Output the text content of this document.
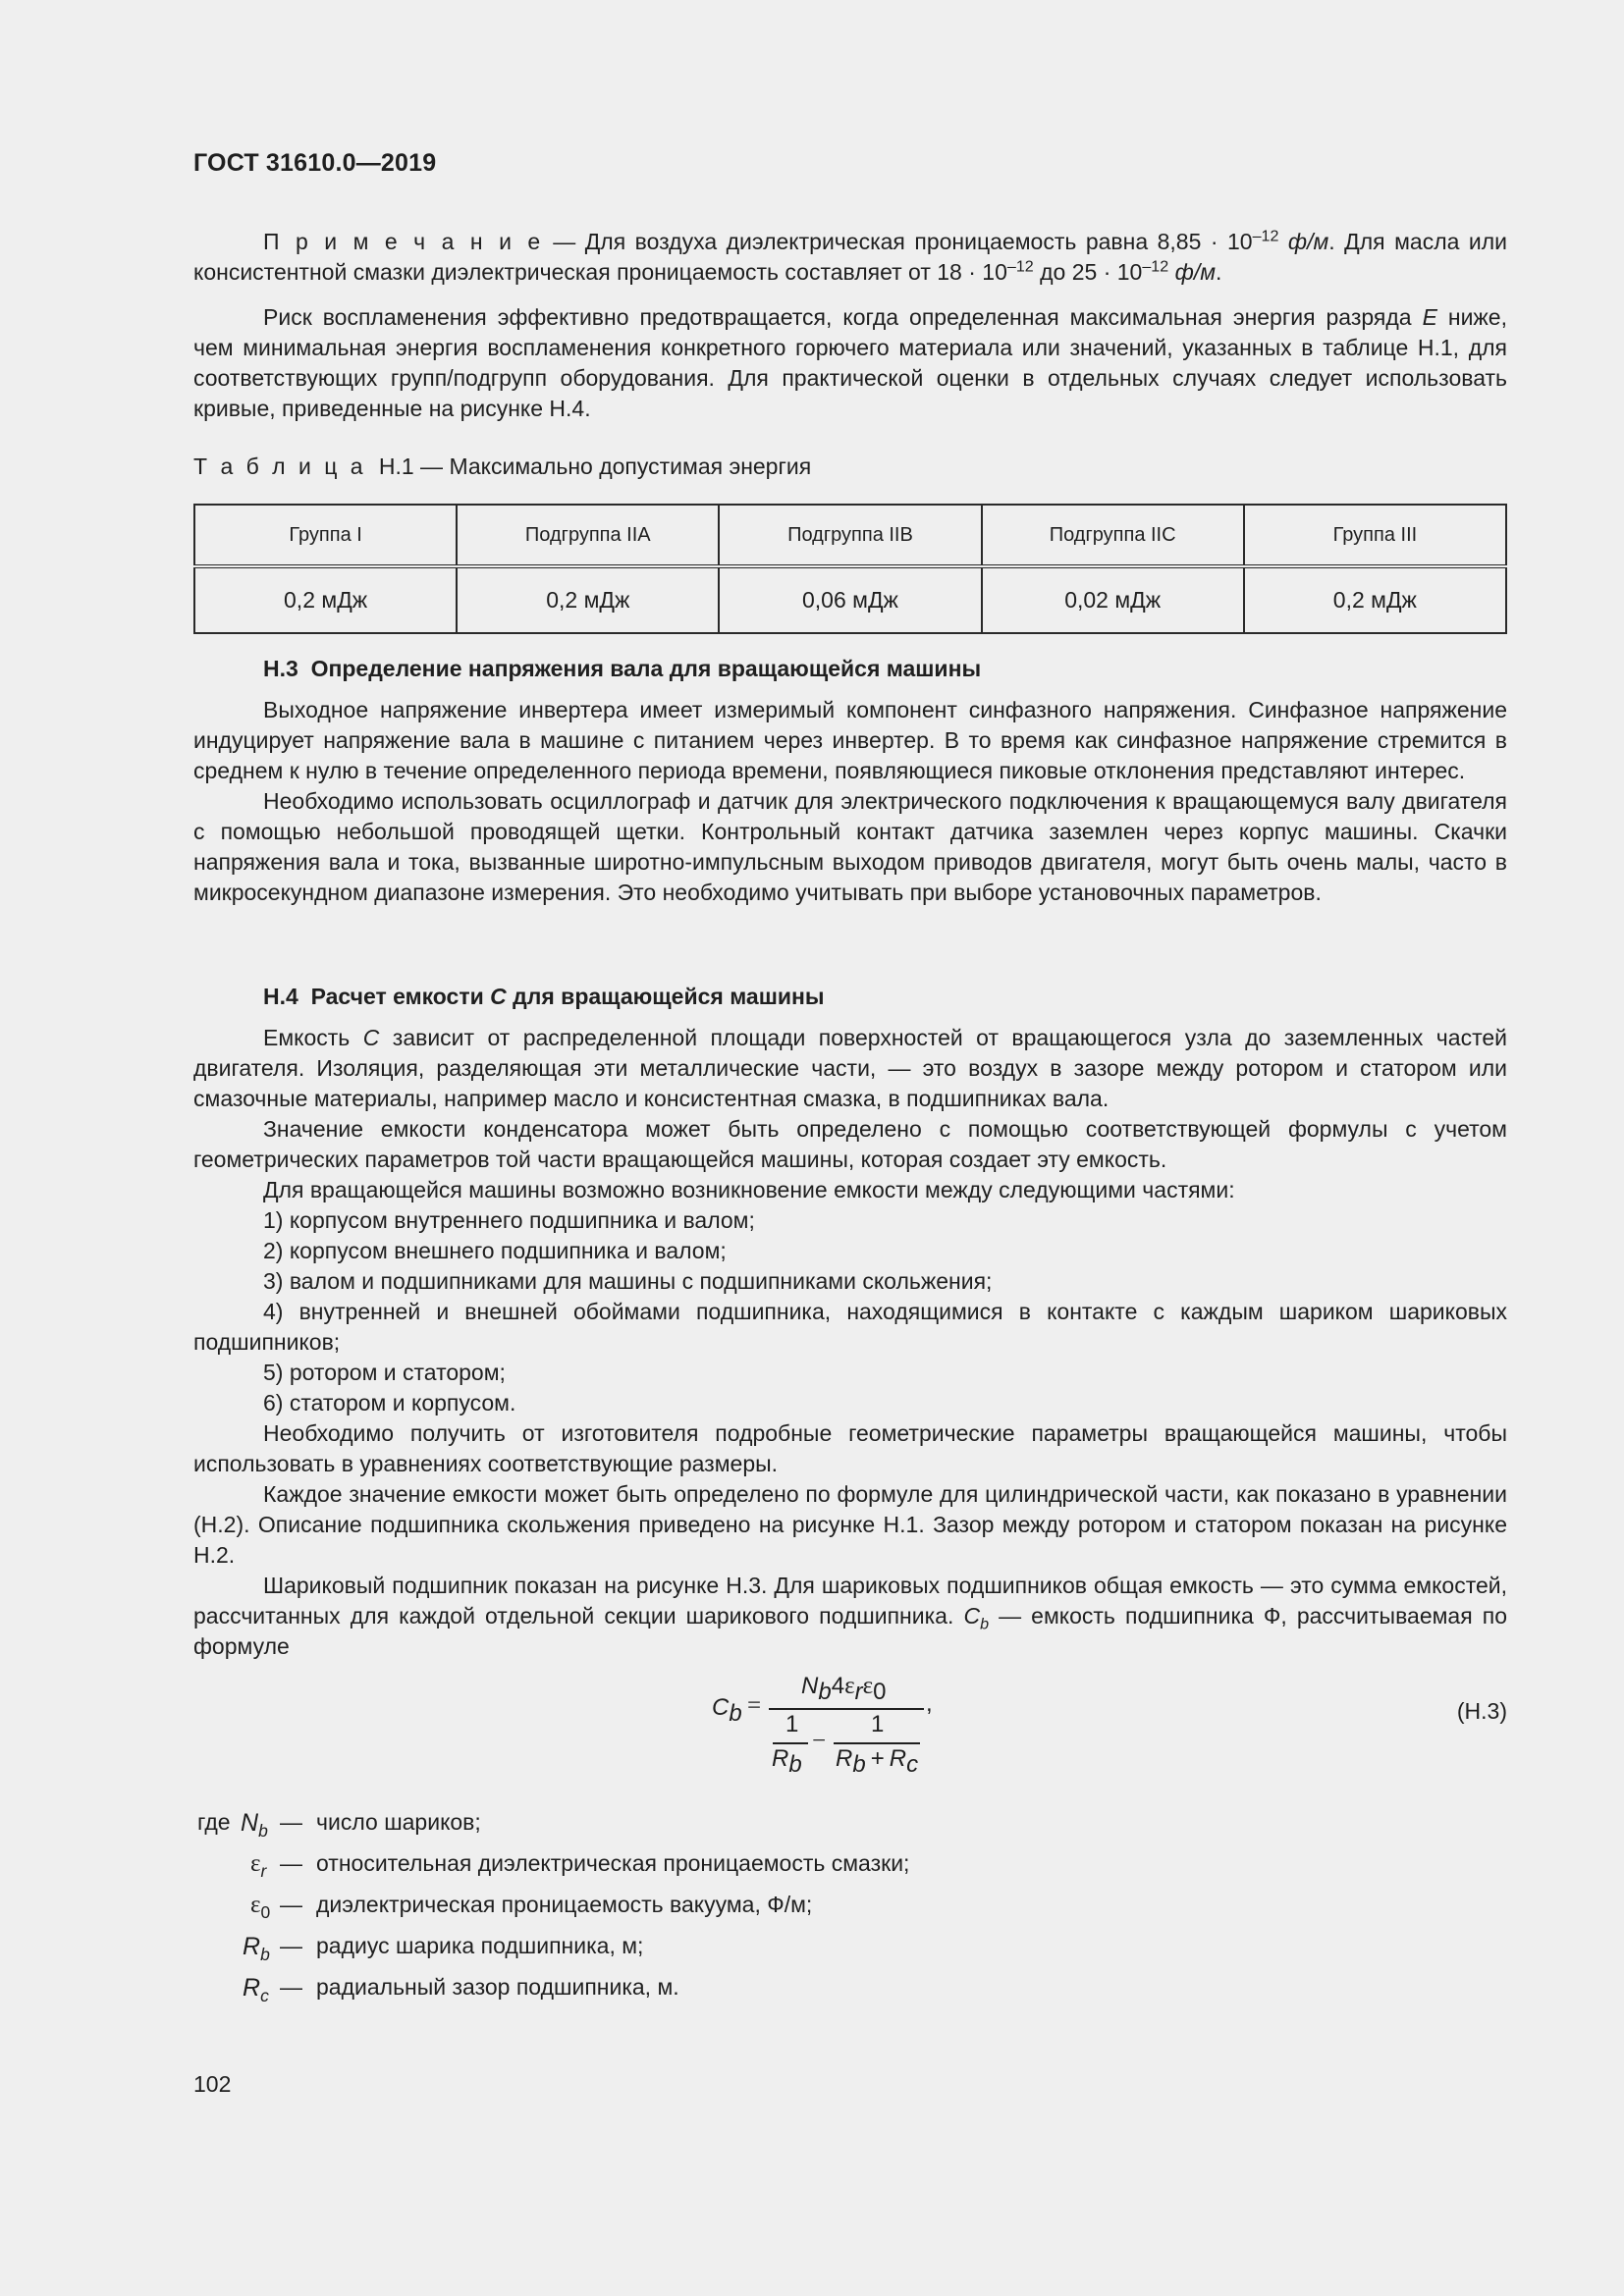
ГОСТ 31610.0—2019

П р и м е ч а н и е — Для воздуха диэлектрическая проницаемость равна $8,85 \cdot 10^{-12}$ ф/м. Для масла или консистентной смазки диэлектрическая проницаемость составляет от $18 \cdot 10^{-12}$ до $25 \cdot 10^{-12}$ ф/м.

Риск воспламенения эффективно предотвращается, когда определенная максимальная энергия разряда E ниже, чем минимальная энергия воспламенения конкретного горючего материала или значений, указанных в таблице Н.1, для соответствующих групп/подгрупп оборудования. Для практической оценки в отдельных случаях следует использовать кривые, приведенные на рисунке Н.4.

Т а б л и ц а  Н.1 — Максимально допустимая энергия
Группа I	Подгруппа IIA	Подгруппа IIB	Подгруппа IIC	Группа III
0,2 мДж	0,2 мДж	0,06 мДж	0,02 мДж	0,2 мДж

Н.3  Определение напряжения вала для вращающейся машины

Выходное напряжение инвертера имеет измеримый компонент синфазного напряжения. Синфазное напряжение индуцирует напряжение вала в машине с питанием через инвертер. В то время как синфазное напряжение стремится в среднем к нулю в течение определенного периода времени, появляющиеся пиковые отклонения представляют интерес.

Необходимо использовать осциллограф и датчик для электрического подключения к вращающемуся валу двигателя с помощью небольшой проводящей щетки. Контрольный контакт датчика заземлен через корпус машины. Скачки напряжения вала и тока, вызванные широтно-импульсным выходом приводов двигателя, могут быть очень малы, часто в микросекундном диапазоне измерения. Это необходимо учитывать при выборе установочных параметров.

Н.4  Расчет емкости C для вращающейся машины

Емкость C зависит от распределенной площади поверхностей от вращающегося узла до заземленных частей двигателя. Изоляция, разделяющая эти металлические части, — это воздух в зазоре между ротором и статором или смазочные материалы, например масло и консистентная смазка, в подшипниках вала.

Значение емкости конденсатора может быть определено с помощью соответствующей формулы с учетом геометрических параметров той части вращающейся машины, которая создает эту емкость.

Для вращающейся машины возможно возникновение емкости между следующими частями:

1) корпусом внутреннего подшипника и валом;

2) корпусом внешнего подшипника и валом;

3) валом и подшипниками для машины с подшипниками скольжения;

4) внутренней и внешней обоймами подшипника, находящимися в контакте с каждым шариком шариковых подшипников;

5) ротором и статором;

6) статором и корпусом.

Необходимо получить от изготовителя подробные геометрические параметры вращающейся машины, чтобы использовать в уравнениях соответствующие размеры.

Каждое значение емкости может быть определено по формуле для цилиндрической части, как показано в уравнении (Н.2). Описание подшипника скольжения приведено на рисунке Н.1. Зазор между ротором и статором показан на рисунке Н.2.

Шариковый подшипник показан на рисунке Н.3. Для шариковых подшипников общая емкость — это сумма емкостей, рассчитанных для каждой отдельной секции шарикового подшипника. $C_b$ — емкость подшипника Ф, рассчитываемая по формуле

$C_b$ =
$N_b4\varepsilon_r\varepsilon_0$
1
$R_b$
−
1
$R_b + R_c$
,	(Н.3)
где $N_b$ — число шариков;
$\varepsilon_r$ — относительная диэлектрическая проницаемость смазки;
$\varepsilon_0$ — диэлектрическая проницаемость вакуума, Ф/м;
$R_b$ — радиус шарика подшипника, м;
$R_c$ — радиальный зазор подшипника, м.
102
